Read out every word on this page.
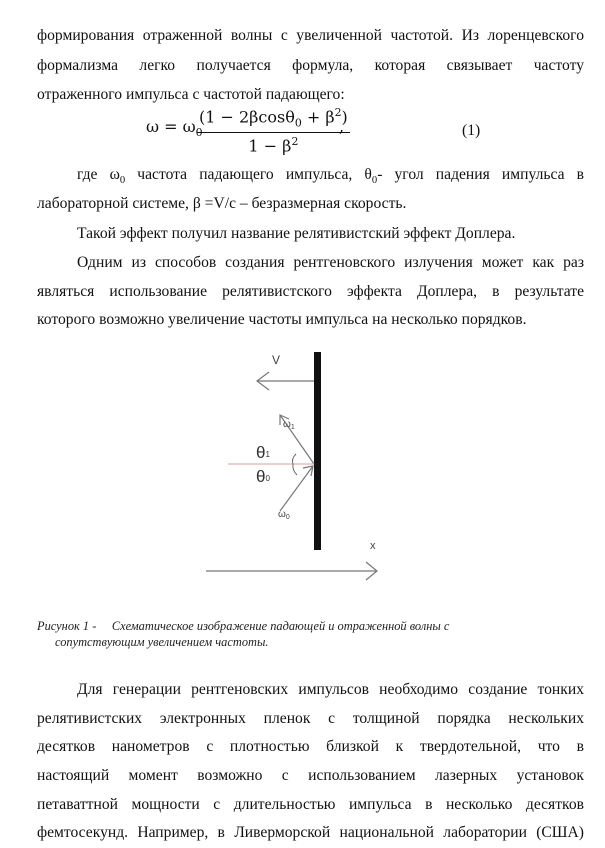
формирования отраженной волны с увеличенной частотой. Из лоренцевского
формализма легко получается формула, которая связывает частоту
отраженного импульса с частотой падающего:
$\omega = \omega_0$
$(1 - 2\beta\cos\theta_0 + \beta^2)$
$1 - \beta^2$
,	(1)
где $\omega_0$ частота падающего импульса, $\theta_0-$ угол падения импульса в
лабораторной системе, β =V/c – безразмерная скорость.
Такой эффект получил название релятивистский эффект Доплера.
Одним из способов создания рентгеновского излучения может как раз
являться использование релятивистского эффекта Доплера, в результате
которого возможно увеличение частоты импульса на несколько порядков.
V
$\omega_1$
θ1
θ0
$\omega_0$
x
Рисунок 1 -     Схематическое изображение падающей и отраженной волны с
сопутствующим увеличением частоты.
Для генерации рентгеновских импульсов необходимо создание тонких
релятивистских электронных пленок с толщиной порядка нескольких
десятков нанометров с плотностью близкой к твердотельной, что в
настоящий момент возможно с использованием лазерных установок
петаваттной мощности с длительностью импульса в несколько десятков
фемтосекунд. Например, в Ливерморской национальной лаборатории (США)
